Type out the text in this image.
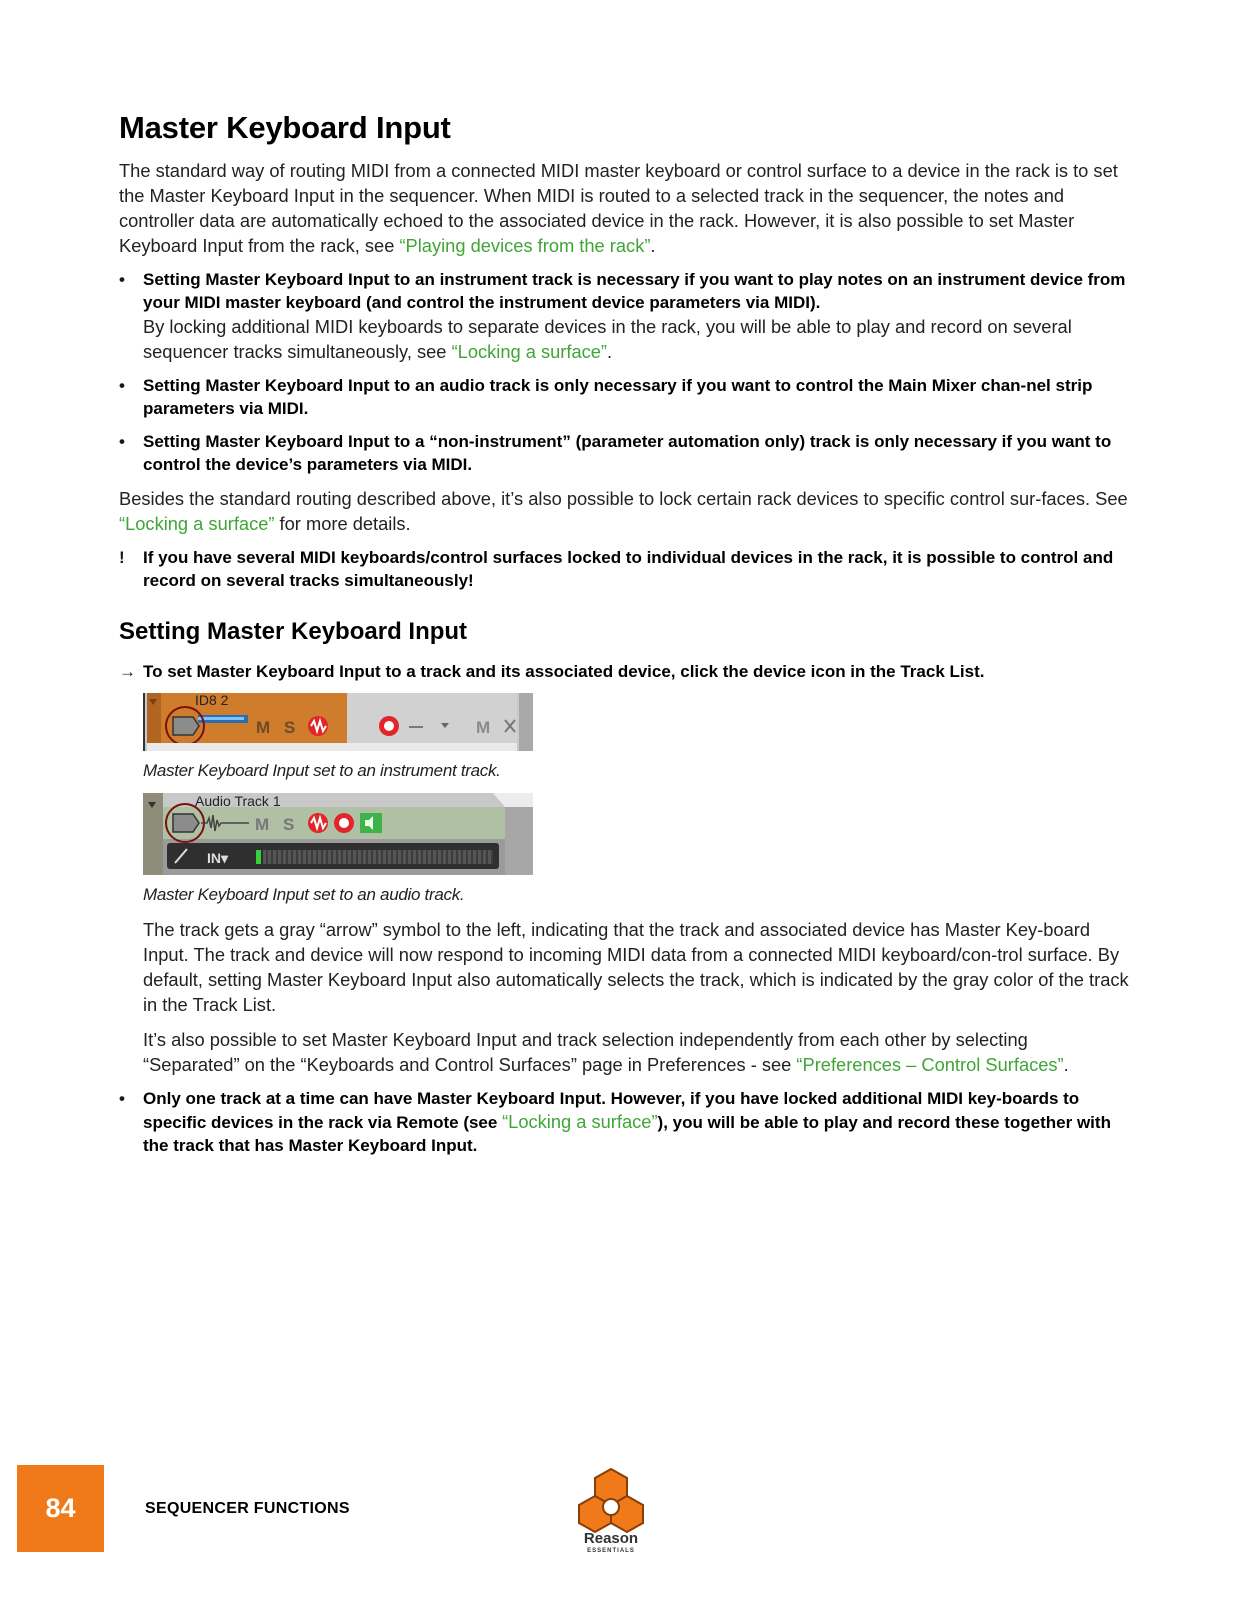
Master Keyboard Input

The standard way of routing MIDI from a connected MIDI master keyboard or control surface to a device in the rack is to set the Master Keyboard Input in the sequencer. When MIDI is routed to a selected track in the sequencer, the notes and controller data are automatically echoed to the associated device in the rack. However, it is also possible to set Master Keyboard Input from the rack, see “Playing devices from the rack”.

• Setting Master Keyboard Input to an instrument track is necessary if you want to play notes on an instrument device from your MIDI master keyboard (and control the instrument device parameters via MIDI).
By locking additional MIDI keyboards to separate devices in the rack, you will be able to play and record on several sequencer tracks simultaneously, see “Locking a surface”.
• Setting Master Keyboard Input to an audio track is only necessary if you want to control the Main Mixer chan-nel strip parameters via MIDI.
• Setting Master Keyboard Input to a “non-instrument” (parameter automation only) track is only necessary if you want to control the device’s parameters via MIDI.

Besides the standard routing described above, it’s also possible to lock certain rack devices to specific control sur-faces. See “Locking a surface” for more details.

! If you have several MIDI keyboards/control surfaces locked to individual devices in the rack, it is possible to control and record on several tracks simultaneously!
Setting Master Keyboard Input
→ To set Master Keyboard Input to a track and its associated device, click the device icon in the Track List.
ID8 2
M S	M
Master Keyboard Input set to an instrument track.
Audio Track 1
M S
IN▾
Master Keyboard Input set to an audio track.

The track gets a gray “arrow” symbol to the left, indicating that the track and associated device has Master Key-board Input. The track and device will now respond to incoming MIDI data from a connected MIDI keyboard/con-trol surface. By default, setting Master Keyboard Input also automatically selects the track, which is indicated by the gray color of the track in the Track List.

It’s also possible to set Master Keyboard Input and track selection independently from each other by selecting “Separated” on the “Keyboards and Control Surfaces” page in Preferences - see “Preferences – Control Surfaces”.

• Only one track at a time can have Master Keyboard Input. However, if you have locked additional MIDI key-boards to specific devices in the rack via Remote (see “Locking a surface”), you will be able to play and record these together with the track that has Master Keyboard Input.
84	SEQUENCER FUNCTIONS
Reason
ESSENTIALS
